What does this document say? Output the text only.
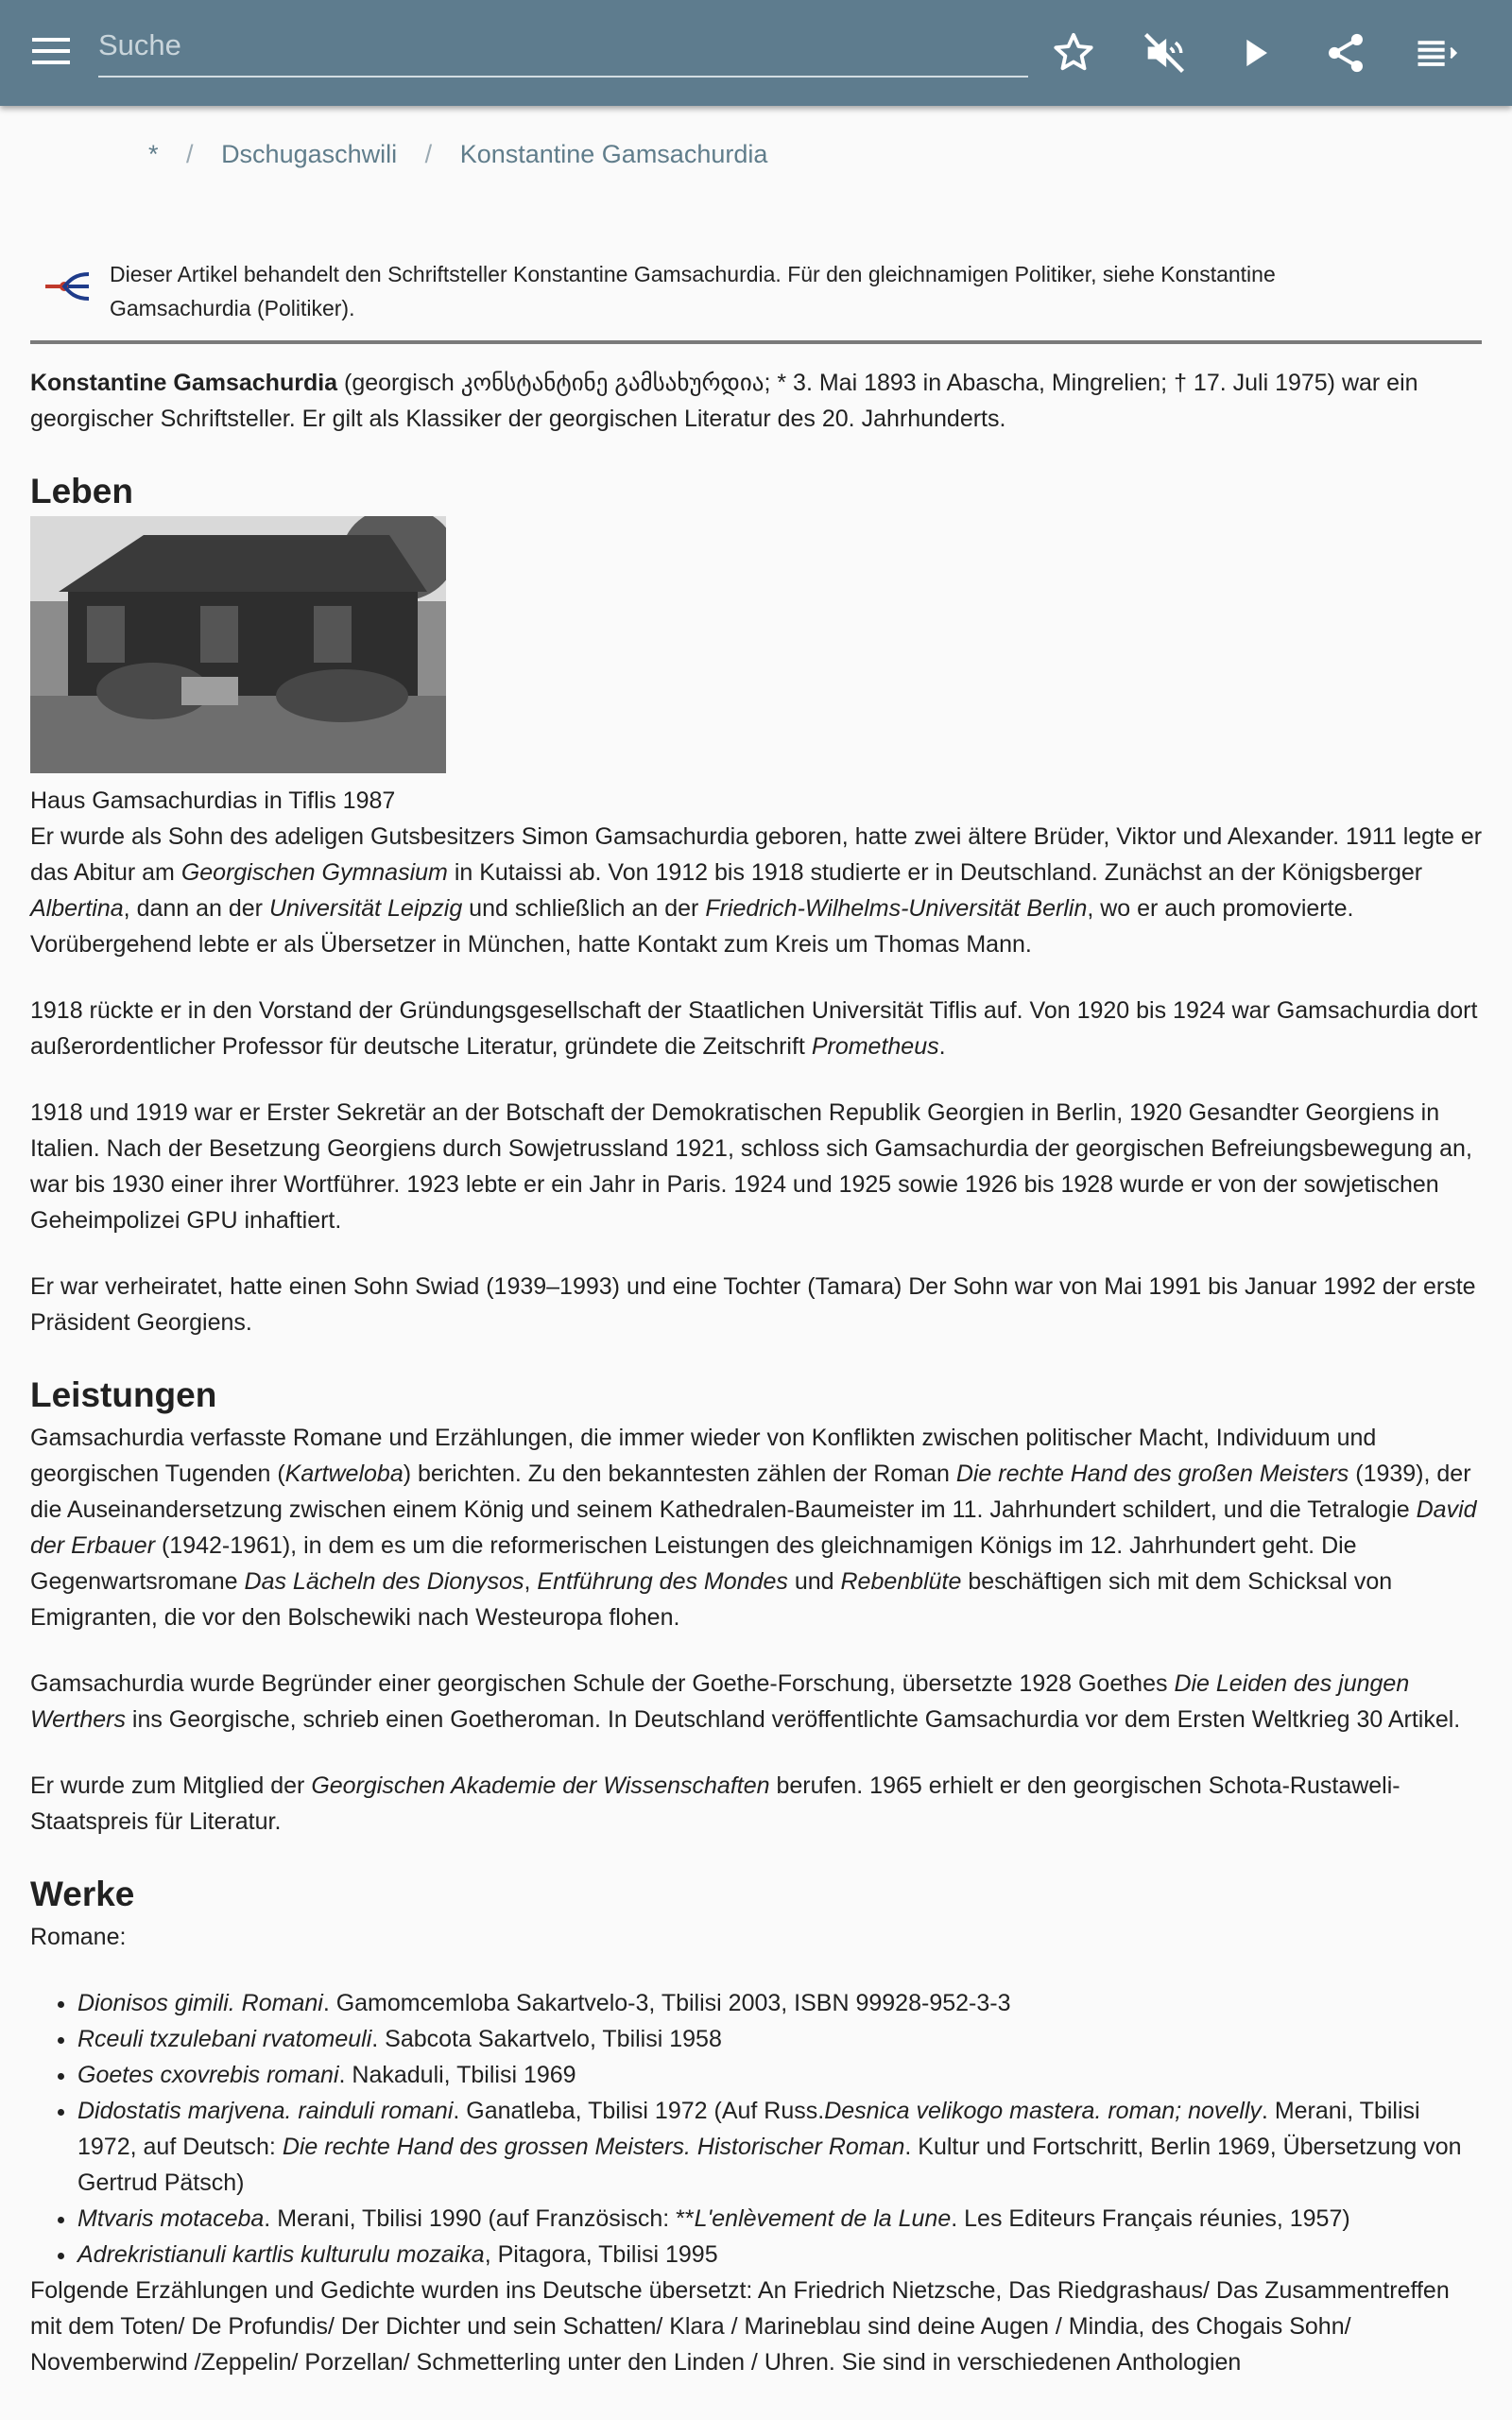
Suche
* / Dschugaschwili / Konstantine Gamsachurdia
Dieser Artikel behandelt den Schriftsteller Konstantine Gamsachurdia. Für den gleichnamigen Politiker, siehe Konstantine Gamsachurdia (Politiker).

Konstantine Gamsachurdia (georgisch კონსტანტინე გამსახურდია; * 3. Mai 1893 in Abascha, Mingrelien; † 17. Juli 1975) war ein georgischer Schriftsteller. Er gilt als Klassiker der georgischen Literatur des 20. Jahrhunderts.

Leben
Haus Gamsachurdias in Tiflis 1987

Er wurde als Sohn des adeligen Gutsbesitzers Simon Gamsachurdia geboren, hatte zwei ältere Brüder, Viktor und Alexander. 1911 legte er das Abitur am Georgischen Gymnasium in Kutaissi ab. Von 1912 bis 1918 studierte er in Deutschland. Zunächst an der Königsberger Albertina, dann an der Universität Leipzig und schließlich an der Friedrich-Wilhelms-Universität Berlin, wo er auch promovierte. Vorübergehend lebte er als Übersetzer in München, hatte Kontakt zum Kreis um Thomas Mann.

1918 rückte er in den Vorstand der Gründungsgesellschaft der Staatlichen Universität Tiflis auf. Von 1920 bis 1924 war Gamsachurdia dort außerordentlicher Professor für deutsche Literatur, gründete die Zeitschrift Prometheus.

1918 und 1919 war er Erster Sekretär an der Botschaft der Demokratischen Republik Georgien in Berlin, 1920 Gesandter Georgiens in Italien. Nach der Besetzung Georgiens durch Sowjetrussland 1921, schloss sich Gamsachurdia der georgischen Befreiungsbewegung an, war bis 1930 einer ihrer Wortführer. 1923 lebte er ein Jahr in Paris. 1924 und 1925 sowie 1926 bis 1928 wurde er von der sowjetischen Geheimpolizei GPU inhaftiert.

Er war verheiratet, hatte einen Sohn Swiad (1939–1993) und eine Tochter (Tamara) Der Sohn war von Mai 1991 bis Januar 1992 der erste Präsident Georgiens.

Leistungen

Gamsachurdia verfasste Romane und Erzählungen, die immer wieder von Konflikten zwischen politischer Macht, Individuum und georgischen Tugenden (Kartweloba) berichten. Zu den bekanntesten zählen der Roman Die rechte Hand des großen Meisters (1939), der die Auseinandersetzung zwischen einem König und seinem Kathedralen-Baumeister im 11. Jahrhundert schildert, und die Tetralogie David der Erbauer (1942-1961), in dem es um die reformerischen Leistungen des gleichnamigen Königs im 12. Jahrhundert geht. Die Gegenwartsromane Das Lächeln des Dionysos, Entführung des Mondes und Rebenblüte beschäftigen sich mit dem Schicksal von Emigranten, die vor den Bolschewiki nach Westeuropa flohen.

Gamsachurdia wurde Begründer einer georgischen Schule der Goethe-Forschung, übersetzte 1928 Goethes Die Leiden des jungen Werthers ins Georgische, schrieb einen Goetheroman. In Deutschland veröffentlichte Gamsachurdia vor dem Ersten Weltkrieg 30 Artikel.

Er wurde zum Mitglied der Georgischen Akademie der Wissenschaften berufen. 1965 erhielt er den georgischen Schota-Rustaweli-Staatspreis für Literatur.

Werke

Romane:

• Dionisos gimili. Romani. Gamomcemloba Sakartvelo-3, Tbilisi 2003, ISBN 99928-952-3-3
• Rceuli txzulebani rvatomeuli. Sabcota Sakartvelo, Tbilisi 1958
• Goetes cxovrebis romani. Nakaduli, Tbilisi 1969
• Didostatis marjvena. rainduli romani. Ganatleba, Tbilisi 1972 (Auf Russ.Desnica velikogo mastera. roman; novelly. Merani, Tbilisi 1972, auf Deutsch: Die rechte Hand des grossen Meisters. Historischer Roman. Kultur und Fortschritt, Berlin 1969, Übersetzung von Gertrud Pätsch)
• Mtvaris motaceba. Merani, Tbilisi 1990 (auf Französisch: **L'enlèvement de la Lune. Les Editeurs Français réunies, 1957)
• Adrekristianuli kartlis kulturulu mozaika, Pitagora, Tbilisi 1995

Folgende Erzählungen und Gedichte wurden ins Deutsche übersetzt: An Friedrich Nietzsche, Das Riedgrashaus/ Das Zusammentreffen mit dem Toten/ De Profundis/ Der Dichter und sein Schatten/ Klara / Marineblau sind deine Augen / Mindia, des Chogais Sohn/ Novemberwind /Zeppelin/ Porzellan/ Schmetterling unter den Linden / Uhren. Sie sind in verschiedenen Anthologien
